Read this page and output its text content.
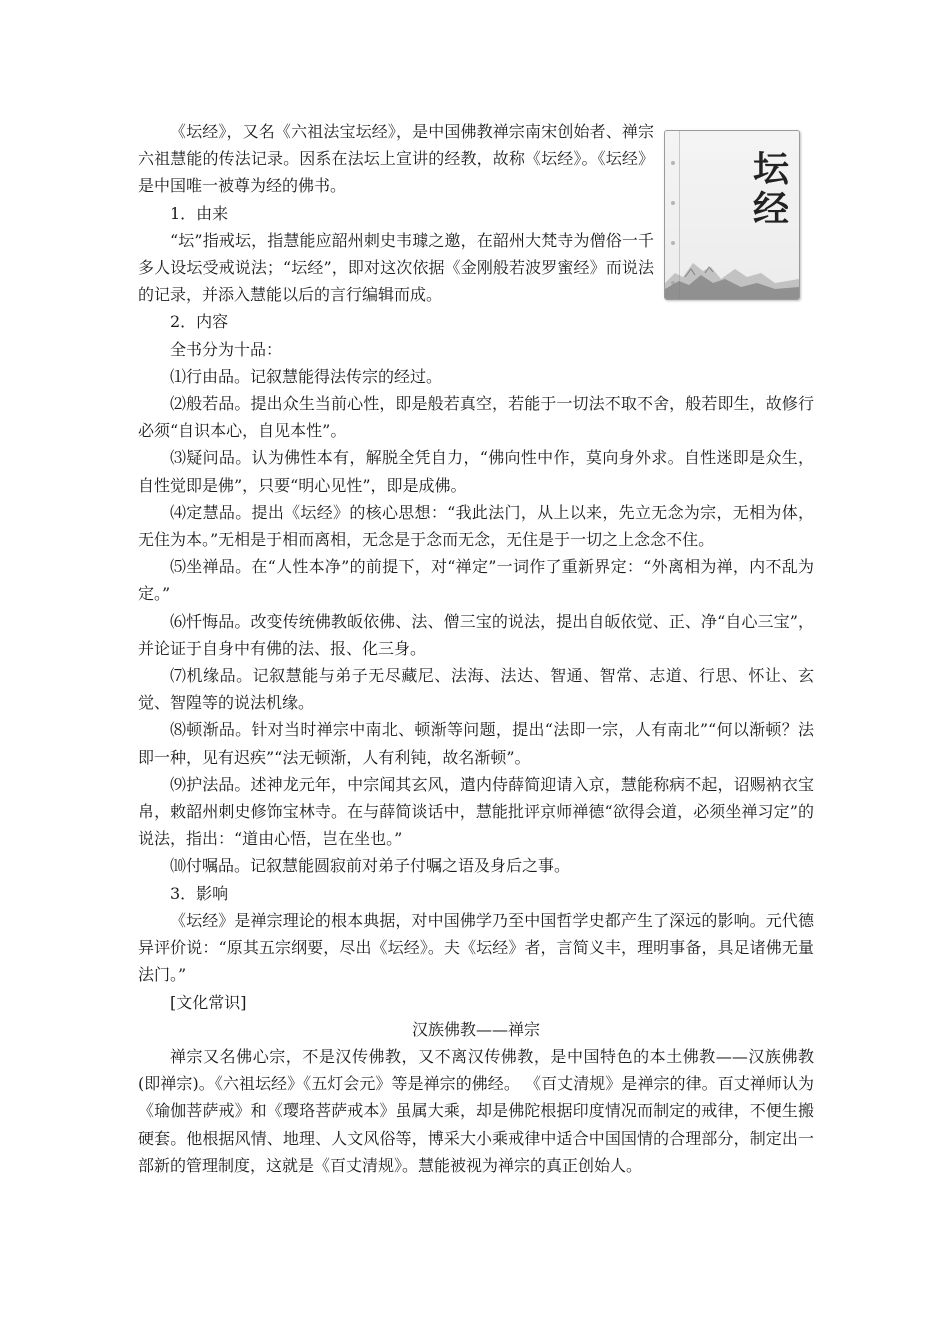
坛
经

《坛经》，又名《六祖法宝坛经》，是中国佛教禅宗南宋创始者、禅宗六祖慧能的传法记录。因系在法坛上宣讲的经教，故称《坛经》。《坛经》是中国唯一被尊为经的佛书。

1．由来

“坛”指戒坛，指慧能应韶州刺史韦璩之邀，在韶州大梵寺为僧俗一千多人设坛受戒说法；“坛经”，即对这次依据《金刚般若波罗蜜经》而说法的记录，并添入慧能以后的言行编辑而成。

2．内容

全书分为十品：

⑴行由品。记叙慧能得法传宗的经过。

⑵般若品。提出众生当前心性，即是般若真空，若能于一切法不取不舍，般若即生，故修行必须“自识本心，自见本性”。

⑶疑问品。认为佛性本有，解脱全凭自力，“佛向性中作，莫向身外求。自性迷即是众生，自性觉即是佛”，只要“明心见性”，即是成佛。

⑷定慧品。提出《坛经》的核心思想：“我此法门，从上以来，先立无念为宗，无相为体，无住为本。”无相是于相而离相，无念是于念而无念，无住是于一切之上念念不住。

⑸坐禅品。在“人性本净”的前提下，对“禅定”一词作了重新界定：“外离相为禅，内不乱为定。”

⑹忏悔品。改变传统佛教皈依佛、法、僧三宝的说法，提出自皈依觉、正、净“自心三宝”，并论证于自身中有佛的法、报、化三身。

⑺机缘品。记叙慧能与弟子无尽藏尼、法海、法达、智通、智常、志道、行思、怀让、玄觉、智隍等的说法机缘。

⑻顿渐品。针对当时禅宗中南北、顿渐等问题，提出“法即一宗，人有南北”“何以渐顿？法即一种，见有迟疾”“法无顿渐，人有利钝，故名渐顿”。

⑼护法品。述神龙元年，中宗闻其玄风，遣内侍薛简迎请入京，慧能称病不起，诏赐衲衣宝帛，敕韶州刺史修饰宝林寺。在与薛简谈话中，慧能批评京师禅德“欲得会道，必须坐禅习定”的说法，指出：“道由心悟，岂在坐也。”

⑽付嘱品。记叙慧能圆寂前对弟子付嘱之语及身后之事。

3．影响

《坛经》是禅宗理论的根本典据，对中国佛学乃至中国哲学史都产生了深远的影响。元代德异评价说：“原其五宗纲要，尽出《坛经》。夫《坛经》者，言简义丰，理明事备，具足诸佛无量法门。”

[文化常识]

汉族佛教——禅宗

禅宗又名佛心宗，不是汉传佛教，又不离汉传佛教，是中国特色的本土佛教——汉族佛教(即禅宗)。《六祖坛经》《五灯会元》等是禅宗的佛经。 《百丈清规》是禅宗的律。百丈禅师认为《瑜伽菩萨戒》和《璎珞菩萨戒本》虽属大乘，却是佛陀根据印度情况而制定的戒律，不便生搬硬套。他根据风情、地理、人文风俗等，博采大小乘戒律中适合中国国情的合理部分，制定出一部新的管理制度，这就是《百丈清规》。慧能被视为禅宗的真正创始人。
